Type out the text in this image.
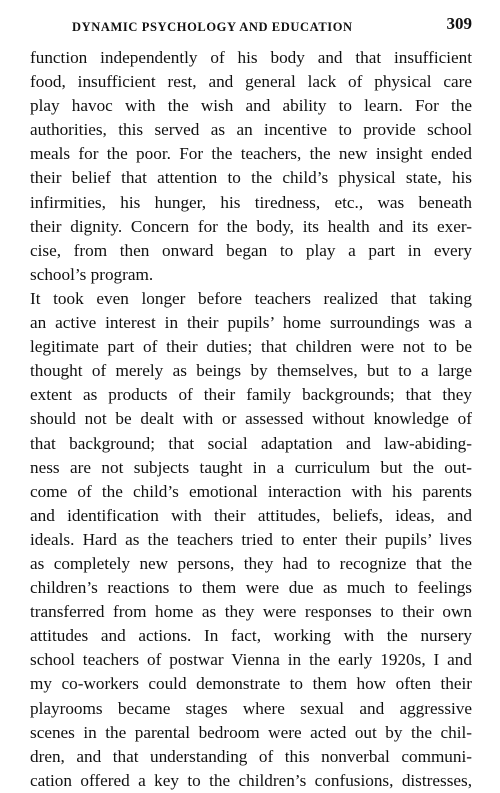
DYNAMIC PSYCHOLOGY AND EDUCATION	309
function independently of his body and that insufficient
food, insufficient rest, and general lack of physical care
play havoc with the wish and ability to learn. For the
authorities, this served as an incentive to provide school
meals for the poor. For the teachers, the new insight ended
their belief that attention to the child’s physical state, his
infirmities, his hunger, his tiredness, etc., was beneath
their dignity. Concern for the body, its health and its exer-
cise, from then onward began to play a part in every
school’s program.
It took even longer before teachers realized that taking
an active interest in their pupils’ home surroundings was a
legitimate part of their duties; that children were not to be
thought of merely as beings by themselves, but to a large
extent as products of their family backgrounds; that they
should not be dealt with or assessed without knowledge of
that background; that social adaptation and law-abiding-
ness are not subjects taught in a curriculum but the out-
come of the child’s emotional interaction with his parents
and identification with their attitudes, beliefs, ideas, and
ideals. Hard as the teachers tried to enter their pupils’ lives
as completely new persons, they had to recognize that the
children’s reactions to them were due as much to feelings
transferred from home as they were responses to their own
attitudes and actions. In fact, working with the nursery
school teachers of postwar Vienna in the early 1920s, I and
my co-workers could demonstrate to them how often their
playrooms became stages where sexual and aggressive
scenes in the parental bedroom were acted out by the chil-
dren, and that understanding of this nonverbal communi-
cation offered a key to the children’s confusions, distresses,
